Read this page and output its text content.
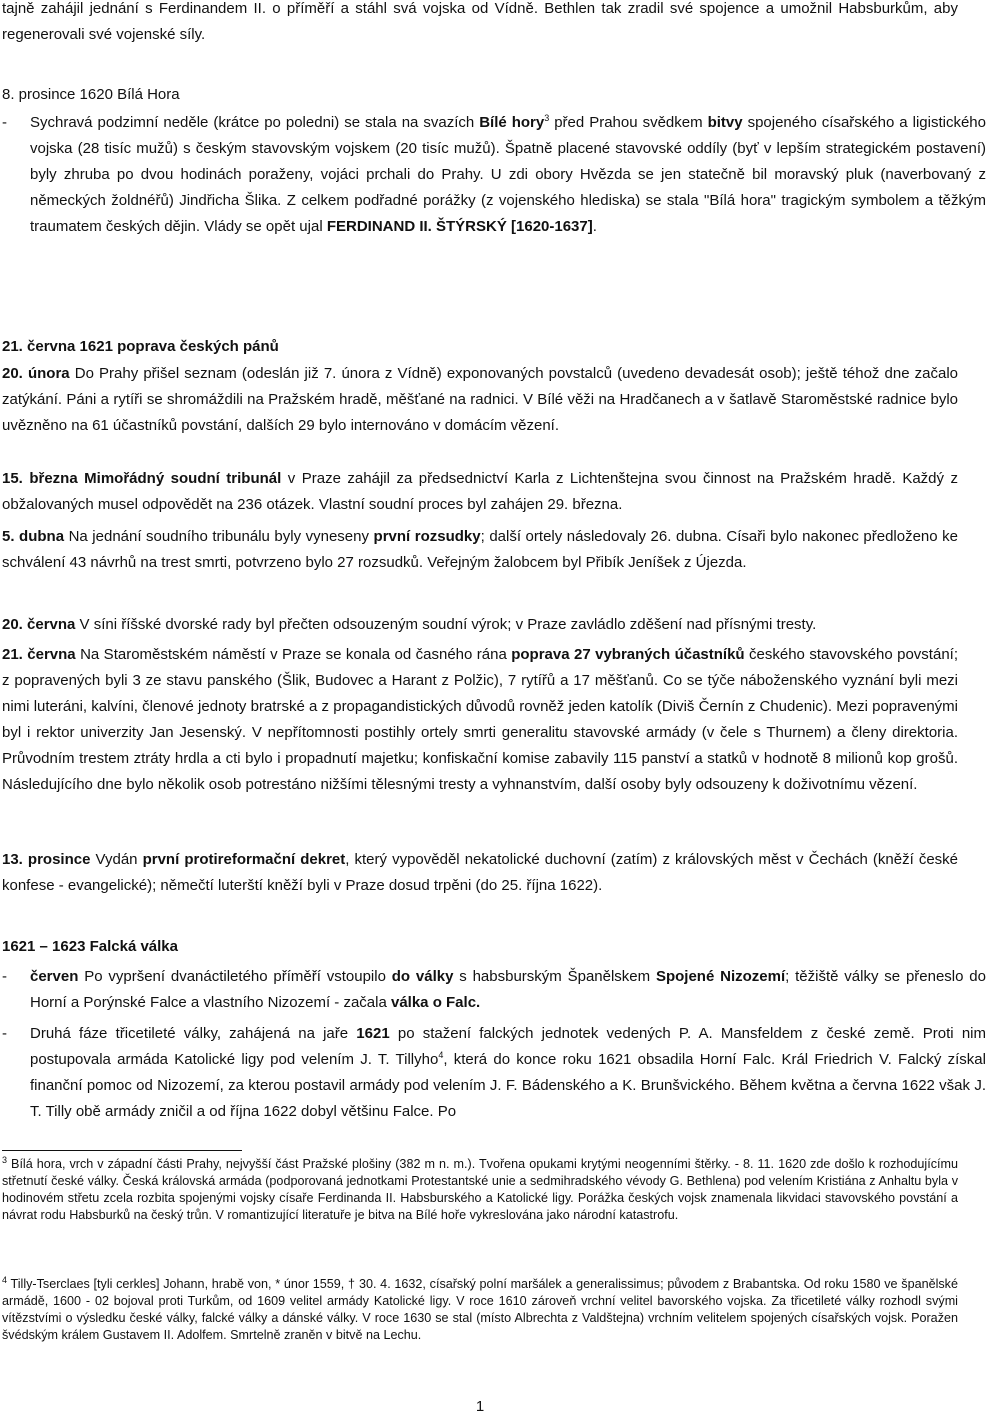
tajně zahájil jednání s Ferdinandem II. o příměří a stáhl svá vojska od Vídně. Bethlen tak zradil své spojence a umožnil Habsburkům, aby regenerovali své vojenské síly.

8. prosince 1620 Bílá Hora

- Sychravá podzimní neděle (krátce po poledni) se stala na svazích Bílé hory$^3$ před Prahou svědkem bitvy spojeného císařského a ligistického vojska (28 tisíc mužů) s českým stavovským vojskem (20 tisíc mužů). Špatně placené stavovské oddíly (byť v lepším strategickém postavení) byly zhruba po dvou hodinách poraženy, vojáci prchali do Prahy. U zdi obory Hvězda se jen statečně bil moravský pluk (naverbovaný z německých žoldnéřů) Jindřicha Šlika. Z celkem podřadné porážky (z vojenského hlediska) se stala "Bílá hora" tragickým symbolem a těžkým traumatem českých dějin. Vlády se opět ujal FERDINAND II. ŠTÝRSKÝ [1620-1637].

21. června 1621 poprava českých pánů

20. února Do Prahy přišel seznam (odeslán již 7. února z Vídně) exponovaných povstalců (uvedeno devadesát osob); ještě téhož dne začalo zatýkání. Páni a rytíři se shromáždili na Pražském hradě, měšťané na radnici. V Bílé věži na Hradčanech a v šatlavě Staroměstské radnice bylo uvězněno na 61 účastníků povstání, dalších 29 bylo internováno v domácím vězení.

15. března Mimořádný soudní tribunál v Praze zahájil za předsednictví Karla z Lichtenštejna svou činnost na Pražském hradě. Každý z obžalovaných musel odpovědět na 236 otázek. Vlastní soudní proces byl zahájen 29. března.

5. dubna Na jednání soudního tribunálu byly vyneseny první rozsudky; další ortely následovaly 26. dubna. Císaři bylo nakonec předloženo ke schválení 43 návrhů na trest smrti, potvrzeno bylo 27 rozsudků. Veřejným žalobcem byl Přibík Jeníšek z Újezda.

20. června V síni říšské dvorské rady byl přečten odsouzeným soudní výrok; v Praze zavládlo zděšení nad přísnými tresty.

21. června Na Staroměstském náměstí v Praze se konala od časného rána poprava 27 vybraných účastníků českého stavovského povstání; z popravených byli 3 ze stavu panského (Šlik, Budovec a Harant z Polžic), 7 rytířů a 17 měšťanů. Co se týče náboženského vyznání byli mezi nimi luteráni, kalvíni, členové jednoty bratrské a z propagandistických důvodů rovněž jeden katolík (Diviš Černín z Chudenic). Mezi popravenými byl i rektor univerzity Jan Jesenský. V nepřítomnosti postihly ortely smrti generalitu stavovské armády (v čele s Thurnem) a členy direktoria. Průvodním trestem ztráty hrdla a cti bylo i propadnutí majetku; konfiskační komise zabavily 115 panství a statků v hodnotě 8 milionů kop grošů. Následujícího dne bylo několik osob potrestáno nižšími tělesnými tresty a vyhnanstvím, další osoby byly odsouzeny k doživotnímu vězení.

13. prosince Vydán první protireformační dekret, který vypověděl nekatolické duchovní (zatím) z královských měst v Čechách (kněží české konfese - evangelické); němečtí luterští kněží byli v Praze dosud trpěni (do 25. října 1622).

1621 – 1623 Falcká válka

- červen Po vypršení dvanáctiletého příměří vstoupilo do války s habsburským Španělskem Spojené Nizozemí; těžiště války se přeneslo do Horní a Porýnské Falce a vlastního Nizozemí - začala válka o Falc.

- Druhá fáze třicetileté války, zahájená na jaře 1621 po stažení falckých jednotek vedených P. A. Mansfeldem z české země. Proti nim postupovala armáda Katolické ligy pod velením J. T. Tillyho$^4$, která do konce roku 1621 obsadila Horní Falc. Král Friedrich V. Falcký získal finanční pomoc od Nizozemí, za kterou postavil armády pod velením J. F. Bádenského a K. Brunšvického. Během května a června 1622 však J. T. Tilly obě armády zničil a od října 1622 dobyl většinu Falce. Po

$^3$ Bílá hora, vrch v západní části Prahy, nejvyšší část Pražské plošiny (382 m n. m.). Tvořena opukami krytými neogenními štěrky. - 8. 11. 1620 zde došlo k rozhodujícímu střetnutí české války. Česká královská armáda (podporovaná jednotkami Protestantské unie a sedmihradského vévody G. Bethlena) pod velením Kristiána z Anhaltu byla v hodinovém střetu zcela rozbita spojenými vojsky císaře Ferdinanda II. Habsburského a Katolické ligy. Porážka českých vojsk znamenala likvidaci stavovského povstání a návrat rodu Habsburků na český trůn. V romantizující literatuře je bitva na Bílé hoře vykreslována jako národní katastrofu.

$^4$ Tilly-Tserclaes [tyli cerkles] Johann, hrabě von, * únor 1559, † 30. 4. 1632, císařský polní maršálek a generalissimus; původem z Brabantska. Od roku 1580 ve španělské armádě, 1600 - 02 bojoval proti Turkům, od 1609 velitel armády Katolické ligy. V roce 1610 zároveň vrchní velitel bavorského vojska. Za třicetileté války rozhodl svými vítězstvími o výsledku české války, falcké války a dánské války. V roce 1630 se stal (místo Albrechta z Valdštejna) vrchním velitelem spojených císařských vojsk. Poražen švédským králem Gustavem II. Adolfem. Smrtelně zraněn v bitvě na Lechu.

1
